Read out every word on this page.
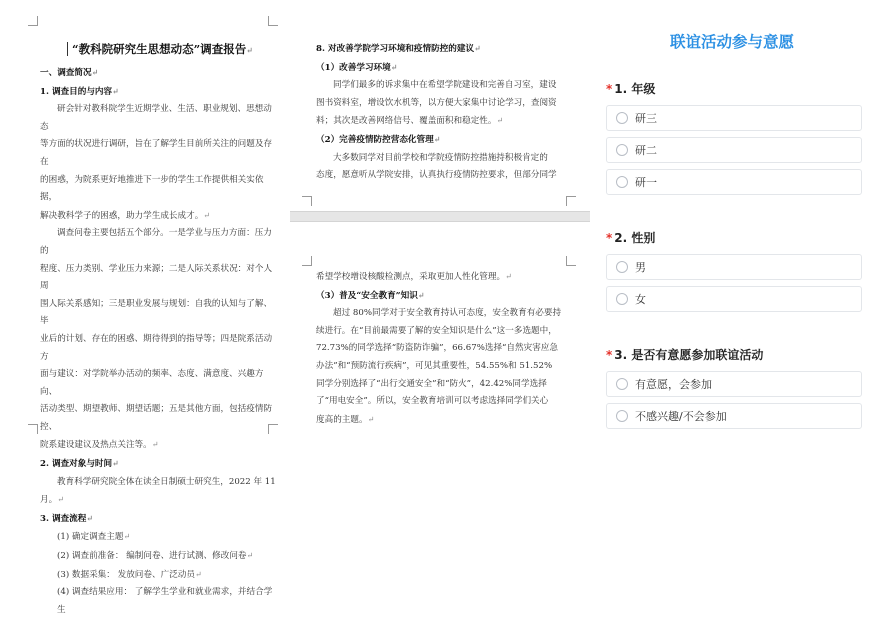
“教科院研究生思想动态”调查报告↵

一、调查简况↵

1. 调查目的与内容↵

研会针对教科院学生近期学业、生活、职业规划、思想动态

等方面的状况进行调研，旨在了解学生目前所关注的问题及存在

的困惑，为院系更好地推进下一步的学生工作提供相关实依据，

解决教科学子的困惑，助力学生成长成才。↵

调查问卷主要包括五个部分。一是学业与压力方面：压力的

程度、压力类别、学业压力来源；二是人际关系状况：对个人周

围人际关系感知；三是职业发展与规划：自我的认知与了解、毕

业后的计划、存在的困惑、期待得到的指导等；四是院系活动方

面与建议：对学院举办活动的频率、态度、满意度、兴趣方向、

活动类型、期望教师、期望话题；五是其他方面，包括疫情防控、

院系建设建议及热点关注等。↵

2. 调查对象与时间↵

教育科学研究院全体在读全日制硕士研究生，2022 年 11 月。↵

3. 调查流程↵

(1) 确定调查主题↵

(2) 调查前准备： 编制问卷、进行试测、修改问卷↵

(3) 数据采集： 发放问卷、广泛动员↵

(4) 调查结果应用： 了解学生学业和就业需求，并结合学生

8. 对改善学院学习环境和疫情防控的建议↵

（1）改善学习环境↵

同学们最多的诉求集中在希望学院建设和完善自习室，建设

图书资料室，增设饮水机等，以方便大家集中讨论学习，查阅资

料；其次是改善网络信号、覆盖面积和稳定性。↵

（2）完善疫情防控营态化管理↵

大多数同学对目前学校和学院疫情防控措施持积极肯定的

态度，愿意听从学院安排，认真执行疫情防控要求，但部分同学

希望学校增设核酸检测点，采取更加人性化管理。↵

（3）普及“安全教育”知识↵

超过 80%同学对于安全教育持认可态度，安全教育有必要持

续进行。在“目前最需要了解的安全知识是什么”这一多选题中，

72.73%的同学选择“防盗防诈骗”，66.67%选择“自然灾害应急

办法”和“预防流行疾病”，可见其重要性，54.55%和 51.52%

同学分别选择了“出行交通安全”和“防火”，42.42%同学选择

了“用电安全”。所以，安全教育培训可以考虑选择同学们关心

度高的主题。↵

联谊活动参与意愿
* 1. 年级
研三
研二
研一
* 2. 性别
男
女
* 3. 是否有意愿参加联谊活动
有意愿，会参加
不感兴趣/不会参加
